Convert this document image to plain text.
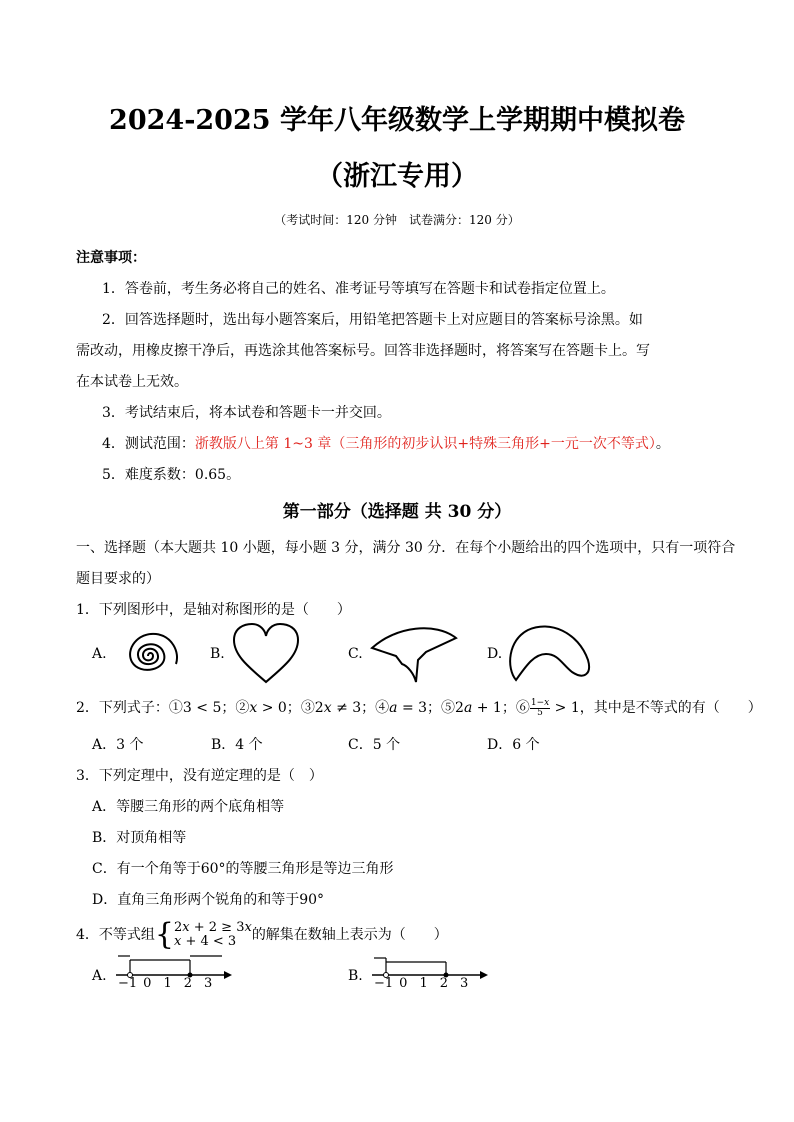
2024-2025 学年八年级数学上学期期中模拟卷
（浙江专用）
（考试时间：120 分钟　试卷满分：120 分）
注意事项：
1．答卷前，考生务必将自己的姓名、准考证号等填写在答题卡和试卷指定位置上。
2．回答选择题时，选出每小题答案后，用铅笔把答题卡上对应题目的答案标号涂黑。如
需改动，用橡皮擦干净后，再选涂其他答案标号。回答非选择题时，将答案写在答题卡上。写
在本试卷上无效。
3．考试结束后，将本试卷和答题卡一并交回。
4．测试范围：浙教版八上第 1~3 章（三角形的初步认识+特殊三角形+一元一次不等式）。
5．难度系数：0.65。
第一部分（选择题 共 30 分）
一、选择题（本大题共 10 小题，每小题 3 分，满分 30 分．在每个小题给出的四个选项中，只有一项符合
题目要求的）
1．下列图形中，是轴对称图形的是（　　）
A.	B.	C.	D.
2．下列式子：①3 < 5；②𝑥 > 0；③2𝑥 ≠ 3；④𝑎 = 3；⑤2𝑎 + 1；⑥ $\frac{\text{1−𝑥}}{5} > 1$，其中是不等式的有（　　）
A．3 个	B．4 个	C．5 个	D．6 个
3．下列定理中，没有逆定理的是（　）
A．等腰三角形的两个底角相等
B．对顶角相等
C．有一个角等于60°的等腰三角形是等边三角形
D．直角三角形两个锐角的和等于90°
4．不等式组{ 2𝑥 + 2 ≥ 3𝑥
𝑥 + 4 < 3	的解集在数轴上表示为（　　）
A. −1 0 1 2 3	B. −1 0 1 2 3
